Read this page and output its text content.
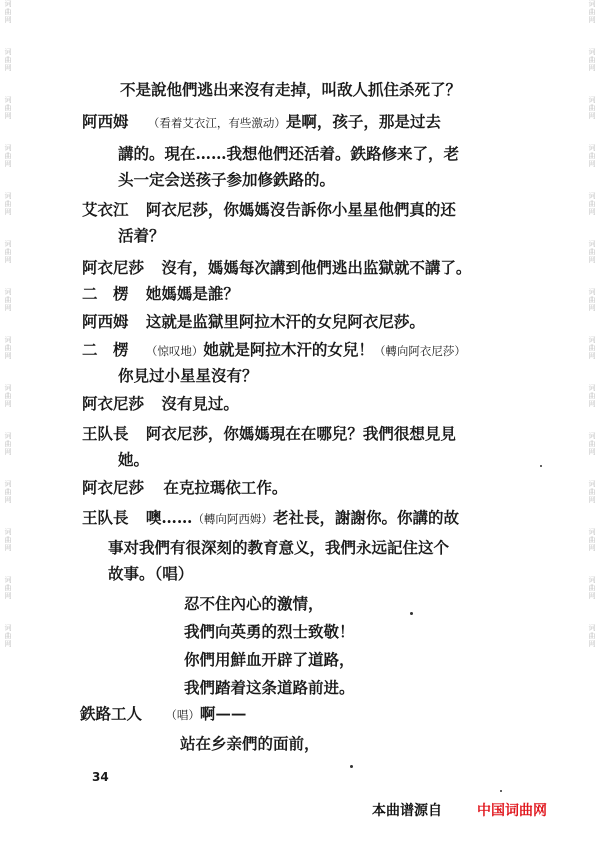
词
曲
网
词
曲
网
词
曲
网
词
曲
网
词
曲
网
词
曲
网
词
曲
网
词
曲
网
词
曲
网
词
曲
网
词
曲
网
词
曲
网
词
曲
网
词
曲
网
词
曲
网
词
曲
网
词
曲
网
词
曲
网
词
曲
网
词
曲
网
词
曲
网
词
曲
网
词
曲
网
词
曲
网
词
曲
网
词
曲
网
词
曲
网
词
曲
网
不是說他們逃出来沒有走掉，叫敌人抓住杀死了？
阿西姆 （看着艾衣江，有些激动）是啊，孩子，那是过去
講的。現在……我想他們还活着。鉄路修来了，老
头一定会送孩子参加修鉄路的。
艾衣江 阿衣尼莎，你媽媽沒告訴你小星星他們真的还
活着？
阿衣尼莎 沒有，媽媽每次講到他們逃出监獄就不講了。
二　楞 她媽媽是誰？
阿西姆 这就是监獄里阿拉木汗的女兒阿衣尼莎。
二　楞 （惊叹地）她就是阿拉木汗的女兒！（轉向阿衣尼莎）
你見过小星星沒有？
阿衣尼莎 沒有見过。
王队長 阿衣尼莎，你媽媽現在在哪兒？我們很想見見
她。
阿衣尼莎 在克拉瑪依工作。
王队長 噢……（轉向阿西姆）老社長，謝謝你。你講的故
事对我們有很深刻的教育意义，我們永远記住这个
故事。（唱）
忍不住內心的激情，
我們向英勇的烈士致敬！
你們用鮮血开辟了道路，
我們踏着这条道路前进。
鉄路工人 （唱）啊——
站在乡亲們的面前，
34
本曲谱源自	中国词曲网
